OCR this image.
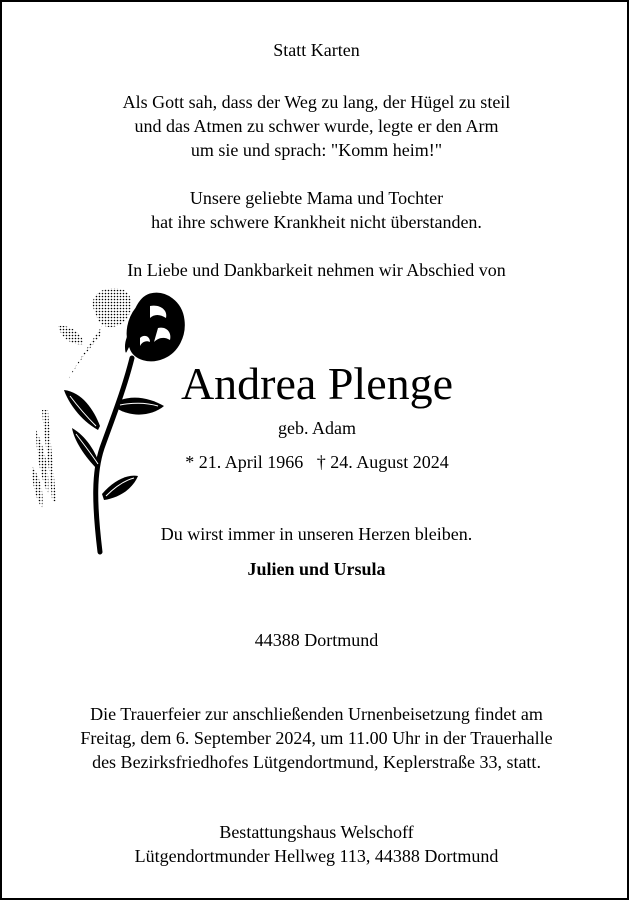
Statt Karten
Als Gott sah, dass der Weg zu lang, der Hügel zu steil
und das Atmen zu schwer wurde, legte er den Arm
um sie und sprach: "Komm heim!"
Unsere geliebte Mama und Tochter
hat ihre schwere Krankheit nicht überstanden.
In Liebe und Dankbarkeit nehmen wir Abschied von
Andrea Plenge
geb. Adam
* 21. April 1966   † 24. August 2024
Du wirst immer in unseren Herzen bleiben.
Julien und Ursula
44388 Dortmund
Die Trauerfeier zur anschließenden Urnenbeisetzung findet am
Freitag, dem 6. September 2024, um 11.00 Uhr in der Trauerhalle
des Bezirksfriedhofes Lütgendortmund, Keplerstraße 33, statt.
Bestattungshaus Welschoff
Lütgendortmunder Hellweg 113, 44388 Dortmund
